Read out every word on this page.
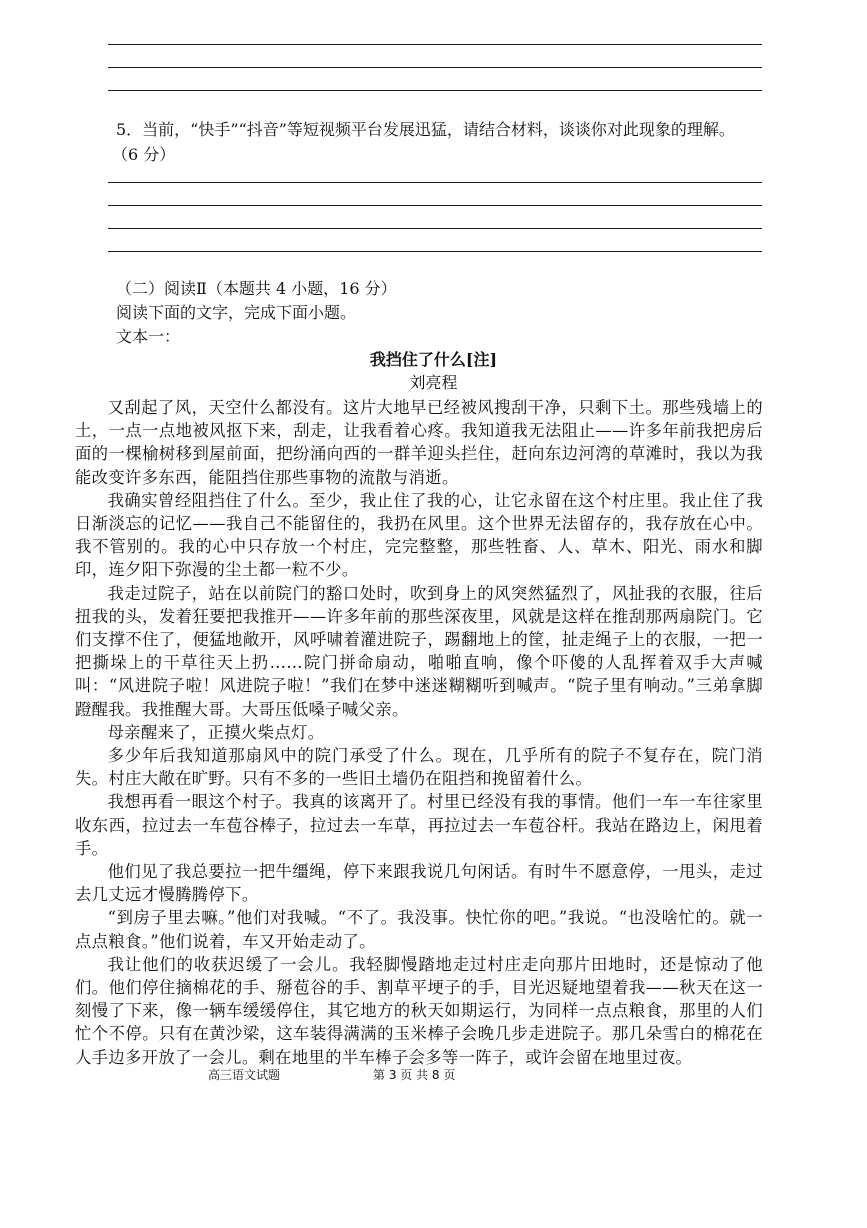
5．当前，“快手”“抖音”等短视频平台发展迅猛，请结合材料，谈谈你对此现象的理解。
（6 分）
（二）阅读Ⅱ（本题共 4 小题，16 分）
阅读下面的文字，完成下面小题。
文本一：
我挡住了什么[注]
刘亮程

又刮起了风，天空什么都没有。这片大地早已经被风搜刮干净，只剩下土。那些残墙上的土，一点一点地被风抠下来，刮走，让我看着心疼。我知道我无法阻止——许多年前我把房后面的一棵榆树移到屋前面，把纷涌向西的一群羊迎头拦住，赶向东边河湾的草滩时，我以为我能改变许多东西，能阻挡住那些事物的流散与消逝。

我确实曾经阻挡住了什么。至少，我止住了我的心，让它永留在这个村庄里。我止住了我日渐淡忘的记忆——我自己不能留住的，我扔在风里。这个世界无法留存的，我存放在心中。我不管别的。我的心中只存放一个村庄，完完整整，那些牲畜、人、草木、阳光、雨水和脚印，连夕阳下弥漫的尘土都一粒不少。

我走过院子，站在以前院门的豁口处时，吹到身上的风突然猛烈了，风扯我的衣服，往后扭我的头，发着狂要把我推开——许多年前的那些深夜里，风就是这样在推刮那两扇院门。它们支撑不住了，便猛地敞开，风呼啸着灌进院子，踢翻地上的筐，扯走绳子上的衣服，一把一把撕垛上的干草往天上扔……院门拼命扇动，啪啪直响，像个吓傻的人乱挥着双手大声喊叫：“风进院子啦！风进院子啦！”我们在梦中迷迷糊糊听到喊声。“院子里有响动。”三弟拿脚蹬醒我。我推醒大哥。大哥压低嗓子喊父亲。

母亲醒来了，正摸火柴点灯。

多少年后我知道那扇风中的院门承受了什么。现在，几乎所有的院子不复存在，院门消失。村庄大敞在旷野。只有不多的一些旧土墙仍在阻挡和挽留着什么。

我想再看一眼这个村子。我真的该离开了。村里已经没有我的事情。他们一车一车往家里收东西，拉过去一车苞谷棒子，拉过去一车草，再拉过去一车苞谷杆。我站在路边上，闲甩着手。

他们见了我总要拉一把牛缰绳，停下来跟我说几句闲话。有时牛不愿意停，一甩头，走过去几丈远才慢腾腾停下。

“到房子里去嘛。”他们对我喊。“不了。我没事。快忙你的吧。”我说。“也没啥忙的。就一点点粮食。”他们说着，车又开始走动了。

我让他们的收获迟缓了一会儿。我轻脚慢踏地走过村庄走向那片田地时，还是惊动了他们。他们停住摘棉花的手、掰苞谷的手、割草平埂子的手，目光迟疑地望着我——秋天在这一刻慢了下来，像一辆车缓缓停住，其它地方的秋天如期运行，为同样一点点粮食，那里的人们忙个不停。只有在黄沙梁，这车装得满满的玉米棒子会晚几步走进院子。那几朵雪白的棉花在人手边多开放了一会儿。剩在地里的半车棒子会多等一阵子，或许会留在地里过夜。

高三语文试题	第 3 页 共 8 页
